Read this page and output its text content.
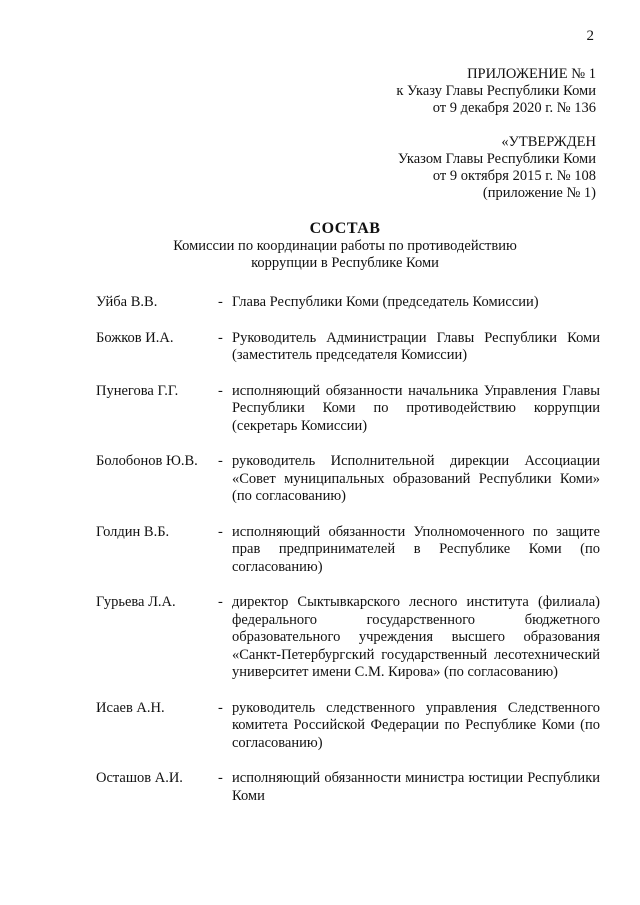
2
ПРИЛОЖЕНИЕ № 1
к Указу Главы Республики Коми
от 9 декабря 2020 г. № 136
«УТВЕРЖДЕН
Указом Главы Республики Коми
от 9 октября 2015 г. № 108
(приложение № 1)
СОСТАВ
Комиссии по координации работы по противодействию
коррупции в Республике Коми
Уйба В.В.	- Глава Республики Коми (председатель Комиссии)
Божков И.А.	- Руководитель Администрации Главы Республики Коми (заместитель председателя Комиссии)
Пунегова Г.Г.	- исполняющий обязанности начальника Управления Главы Республики Коми по противодействию коррупции (секретарь Комиссии)
Болобонов Ю.В.	- руководитель Исполнительной дирекции Ассоциации «Совет муниципальных образований Республики Коми» (по согласованию)
Голдин В.Б.	- исполняющий обязанности Уполномоченного по защите прав предпринимателей в Республике Коми (по согласованию)
Гурьева Л.А.	- директор Сыктывкарского лесного института (филиала) федерального государственного бюджетного образовательного учреждения высшего образования «Санкт-Петербургский государственный лесотехнический университет имени С.М. Кирова» (по согласованию)
Исаев А.Н.	- руководитель следственного управления Следственного комитета Российской Федерации по Республике Коми (по согласованию)
Осташов А.И.	- исполняющий обязанности министра юстиции Республики Коми
